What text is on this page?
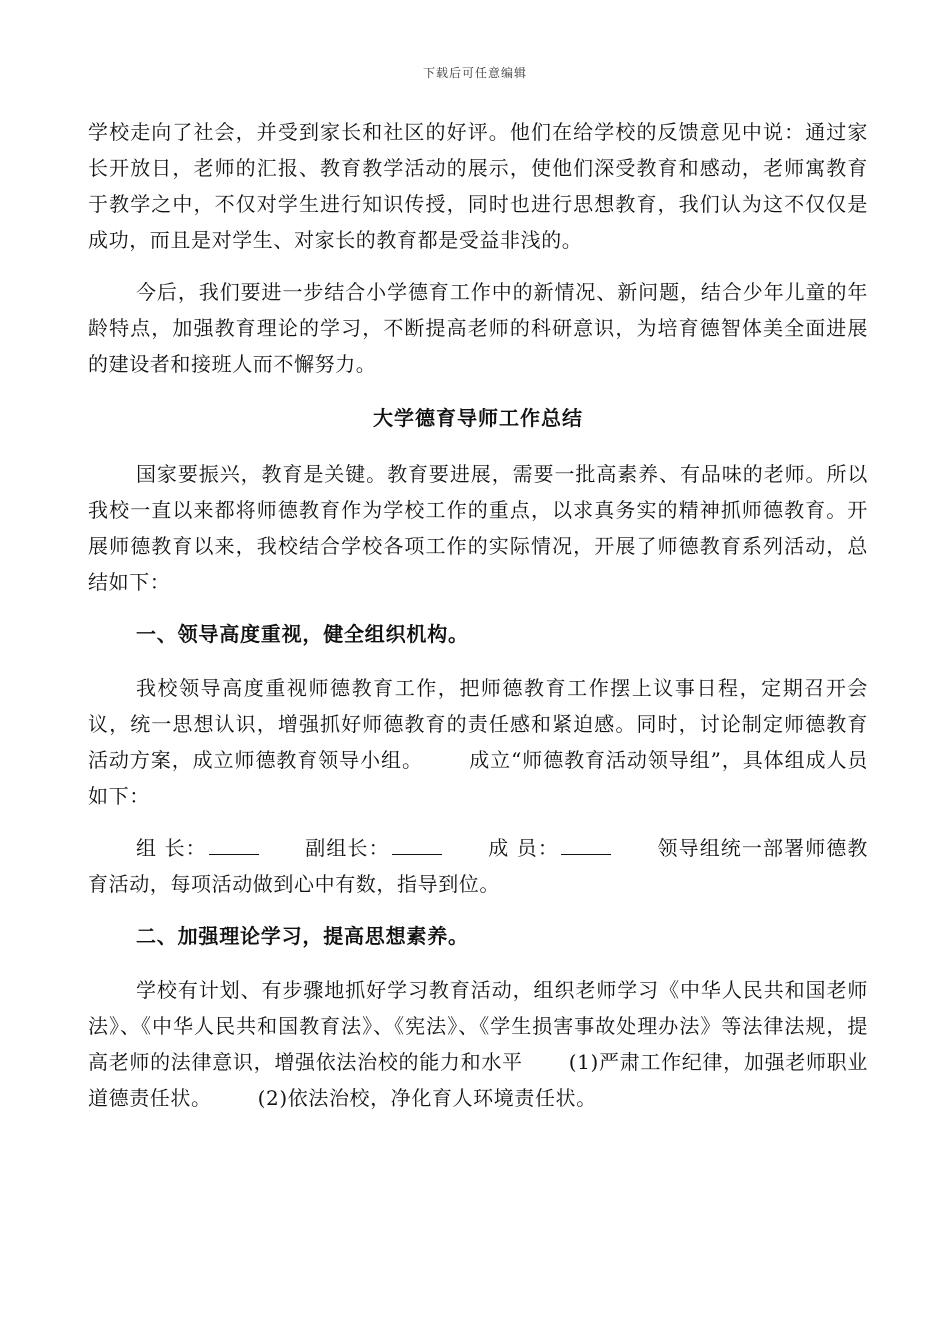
下载后可任意编辑

学校走向了社会，并受到家长和社区的好评。他们在给学校的反馈意见中说：通过家长开放日，老师的汇报、教育教学活动的展示，使他们深受教育和感动，老师寓教育于教学之中，不仅对学生进行知识传授，同时也进行思想教育，我们认为这不仅仅是成功，而且是对学生、对家长的教育都是受益非浅的。

今后，我们要进一步结合小学德育工作中的新情况、新问题，结合少年儿童的年龄特点，加强教育理论的学习，不断提高老师的科研意识，为培育德智体美全面进展的建设者和接班人而不懈努力。

大学德育导师工作总结

国家要振兴，教育是关键。教育要进展，需要一批高素养、有品味的老师。所以我校一直以来都将师德教育作为学校工作的重点，以求真务实的精神抓师德教育。开展师德教育以来，我校结合学校各项工作的实际情况，开展了师德教育系列活动，总结如下：

一、领导高度重视，健全组织机构。

我校领导高度重视师德教育工作，把师德教育工作摆上议事日程，定期召开会议，统一思想认识，增强抓好师德教育的责任感和紧迫感。同时，讨论制定师德教育活动方案，成立师德教育领导小组。 成立“师德教育活动领导组”，具体组成人员如下：

组 长：	副组长：	成 员：	领导组统一部署师德教育活动，每项活动做到心中有数，指导到位。

二、加强理论学习，提高思想素养。

学校有计划、有步骤地抓好学习教育活动，组织老师学习《中华人民共和国老师法》、《中华人民共和国教育法》、《宪法》、《学生损害事故处理办法》等法律法规，提高老师的法律意识，增强依法治校的能力和水平 (1)严肃工作纪律，加强老师职业道德责任状。 (2)依法治校，净化育人环境责任状。
